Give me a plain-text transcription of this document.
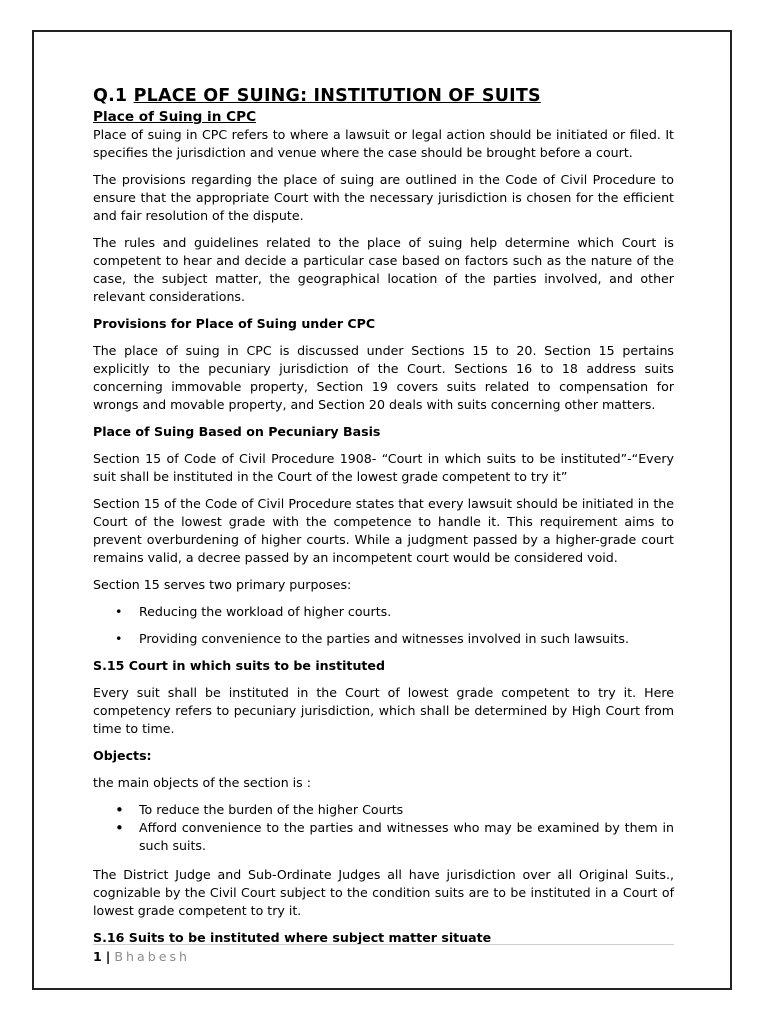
Q.1 PLACE OF SUING: INSTITUTION OF SUITS

Place of Suing in CPC

Place of suing in CPC refers to where a lawsuit or legal action should be initiated or filed. It specifies the jurisdiction and venue where the case should be brought before a court.

The provisions regarding the place of suing are outlined in the Code of Civil Procedure to ensure that the appropriate Court with the necessary jurisdiction is chosen for the efficient and fair resolution of the dispute.

The rules and guidelines related to the place of suing help determine which Court is competent to hear and decide a particular case based on factors such as the nature of the case, the subject matter, the geographical location of the parties involved, and other relevant considerations.

Provisions for Place of Suing under CPC

The place of suing in CPC is discussed under Sections 15 to 20. Section 15 pertains explicitly to the pecuniary jurisdiction of the Court. Sections 16 to 18 address suits concerning immovable property, Section 19 covers suits related to compensation for wrongs and movable property, and Section 20 deals with suits concerning other matters.

Place of Suing Based on Pecuniary Basis

Section 15 of Code of Civil Procedure 1908- “Court in which suits to be instituted”-“Every suit shall be instituted in the Court of the lowest grade competent to try it”

Section 15 of the Code of Civil Procedure states that every lawsuit should be initiated in the Court of the lowest grade with the competence to handle it. This requirement aims to prevent overburdening of higher courts. While a judgment passed by a higher-grade court remains valid, a decree passed by an incompetent court would be considered void.

Section 15 serves two primary purposes:

• Reducing the workload of higher courts.
• Providing convenience to the parties and witnesses involved in such lawsuits.

S.15 Court in which suits to be instituted

Every suit shall be instituted in the Court of lowest grade competent to try it. Here competency refers to pecuniary jurisdiction, which shall be determined by High Court from time to time.

Objects:

the main objects of the section is :

• To reduce the burden of the higher Courts
• Afford convenience to the parties and witnesses who may be examined by them in such suits.

The District Judge and Sub-Ordinate Judges all have jurisdiction over all Original Suits., cognizable by the Civil Court subject to the condition suits are to be instituted in a Court of lowest grade competent to try it.

S.16 Suits to be instituted where subject matter situate

1 | Bhabesh
